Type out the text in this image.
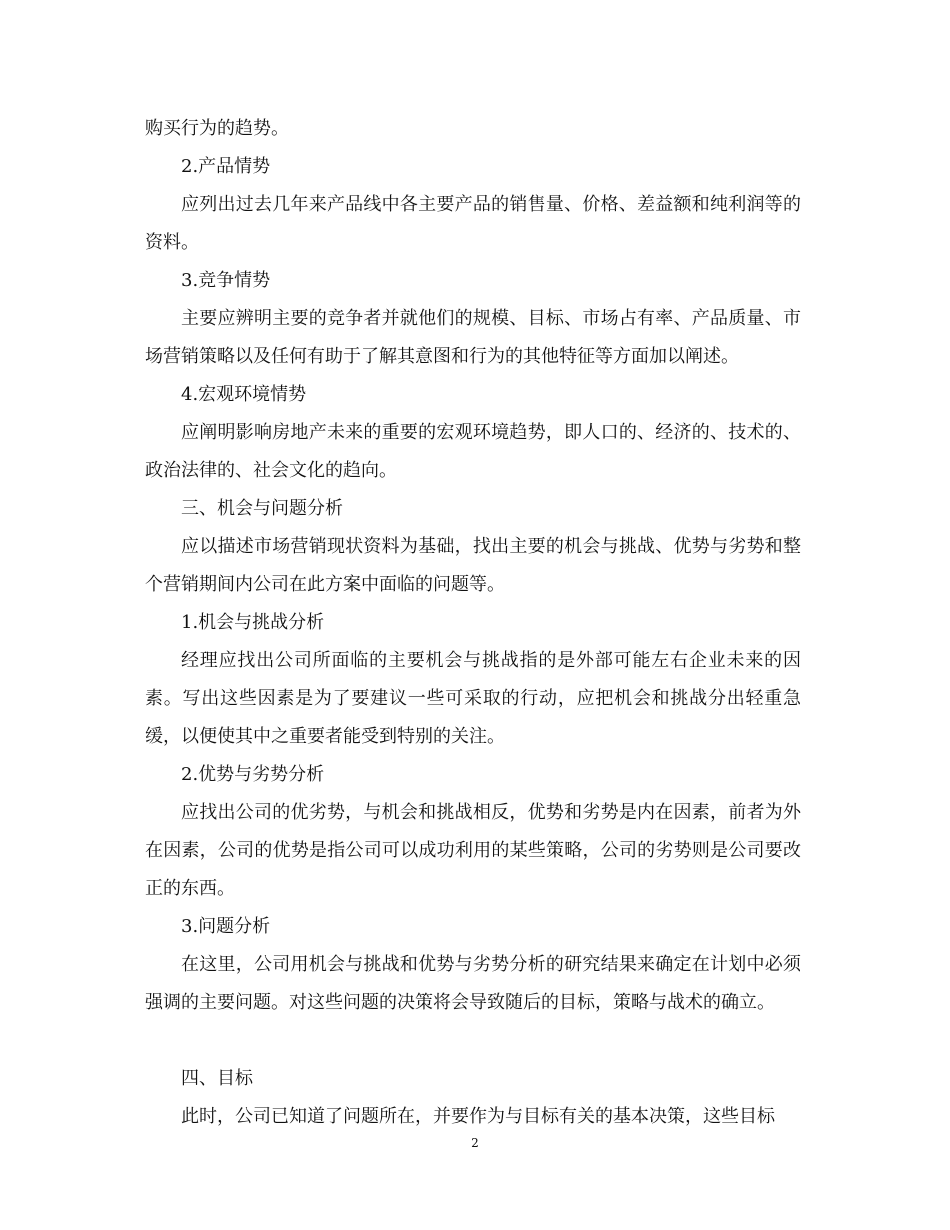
购买行为的趋势。

2.产品情势

应列出过去几年来产品线中各主要产品的销售量、价格、差益额和纯利润等的资料。

3.竞争情势

主要应辨明主要的竞争者并就他们的规模、目标、市场占有率、产品质量、市场营销策略以及任何有助于了解其意图和行为的其他特征等方面加以阐述。

4.宏观环境情势

应阐明影响房地产未来的重要的宏观环境趋势，即人口的、经济的、技术的、政治法律的、社会文化的趋向。

三、机会与问题分析

应以描述市场营销现状资料为基础，找出主要的机会与挑战、优势与劣势和整个营销期间内公司在此方案中面临的问题等。

1.机会与挑战分析

经理应找出公司所面临的主要机会与挑战指的是外部可能左右企业未来的因素。写出这些因素是为了要建议一些可采取的行动，应把机会和挑战分出轻重急缓，以便使其中之重要者能受到特别的关注。

2.优势与劣势分析

应找出公司的优劣势，与机会和挑战相反，优势和劣势是内在因素，前者为外在因素，公司的优势是指公司可以成功利用的某些策略，公司的劣势则是公司要改正的东西。

3.问题分析

在这里，公司用机会与挑战和优势与劣势分析的研究结果来确定在计划中必须强调的主要问题。对这些问题的决策将会导致随后的目标，策略与战术的确立。

四、目标

此时，公司已知道了问题所在，并要作为与目标有关的基本决策，这些目标

2
